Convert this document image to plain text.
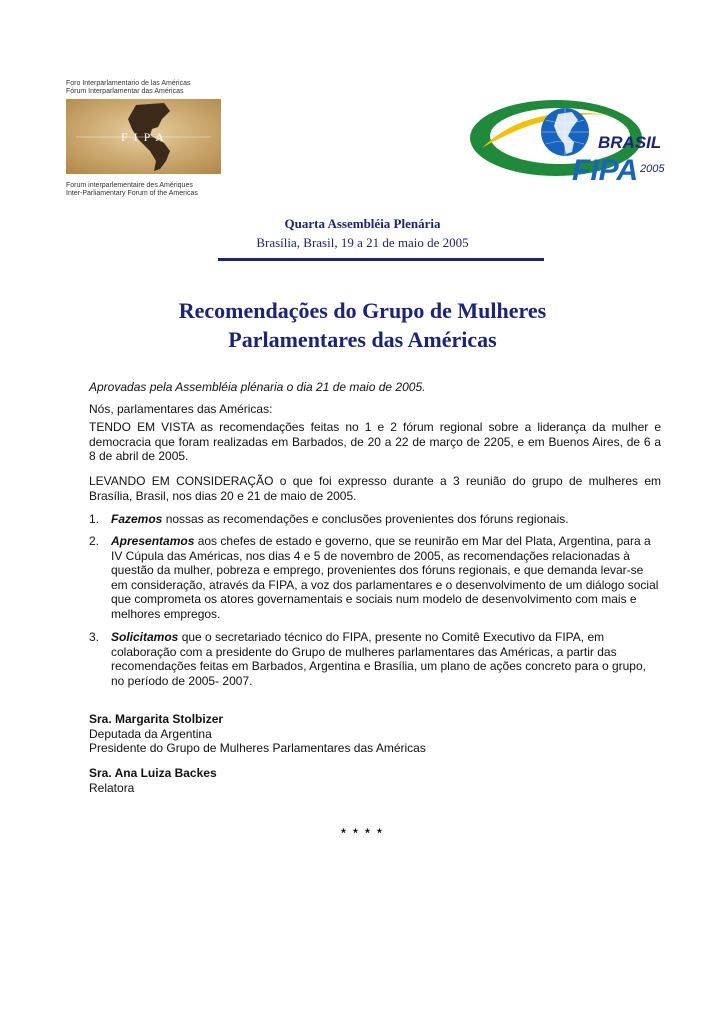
Foro Interparlamentario de las Américas
Fórum Interparlamentar das Américas
FIPA
Forum interparlementaire des Amériques
Inter-Parliamentary Forum of the Americas
BRASIL
FIPA 2005
Quarta Assembléia Plenária
Brasília, Brasil, 19 a 21 de maio de 2005
Recomendações do Grupo de Mulheres
Parlamentares das Américas
Aprovadas pela Assembléia plénaria o dia 21 de maio de 2005.
Nós, parlamentares das Américas:
TENDO EM VISTA as recomendações feitas no 1 e 2 fórum regional sobre a liderança da mulher e democracia que foram realizadas em Barbados, de 20 a 22 de março de 2205, e em Buenos Aires, de 6 a 8 de abril de 2005.
LEVANDO EM CONSIDERAÇÃO o que foi expresso durante a 3 reunião do grupo de mulheres em Brasília, Brasil, nos dias 20 e 21 de maio de 2005.
1. Fazemos nossas as recomendações e conclusões provenientes dos fóruns regionais.
2. Apresentamos aos chefes de estado e governo, que se reunirão em Mar del Plata, Argentina, para a IV Cúpula das Américas, nos dias 4 e 5 de novembro de 2005, as recomendações relacionadas à questão da mulher, pobreza e emprego, provenientes dos fóruns regionais, e que demanda levar-se em consideração, através da FIPA, a voz dos parlamentares e o desenvolvimento de um diálogo social que comprometa os atores governamentais e sociais num modelo de desenvolvimento com mais e melhores empregos.
3. Solicitamos que o secretariado técnico do FIPA, presente no Comitê Executivo da FIPA, em colaboração com a presidente do Grupo de mulheres parlamentares das Américas, a partir das recomendações feitas em Barbados, Argentina e Brasília, um plano de ações concreto para o grupo, no período de 2005- 2007.
Sra. Margarita Stolbizer
Deputada da Argentina
Presidente do Grupo de Mulheres Parlamentares das Américas
Sra. Ana Luiza Backes
Relatora
* * * *
